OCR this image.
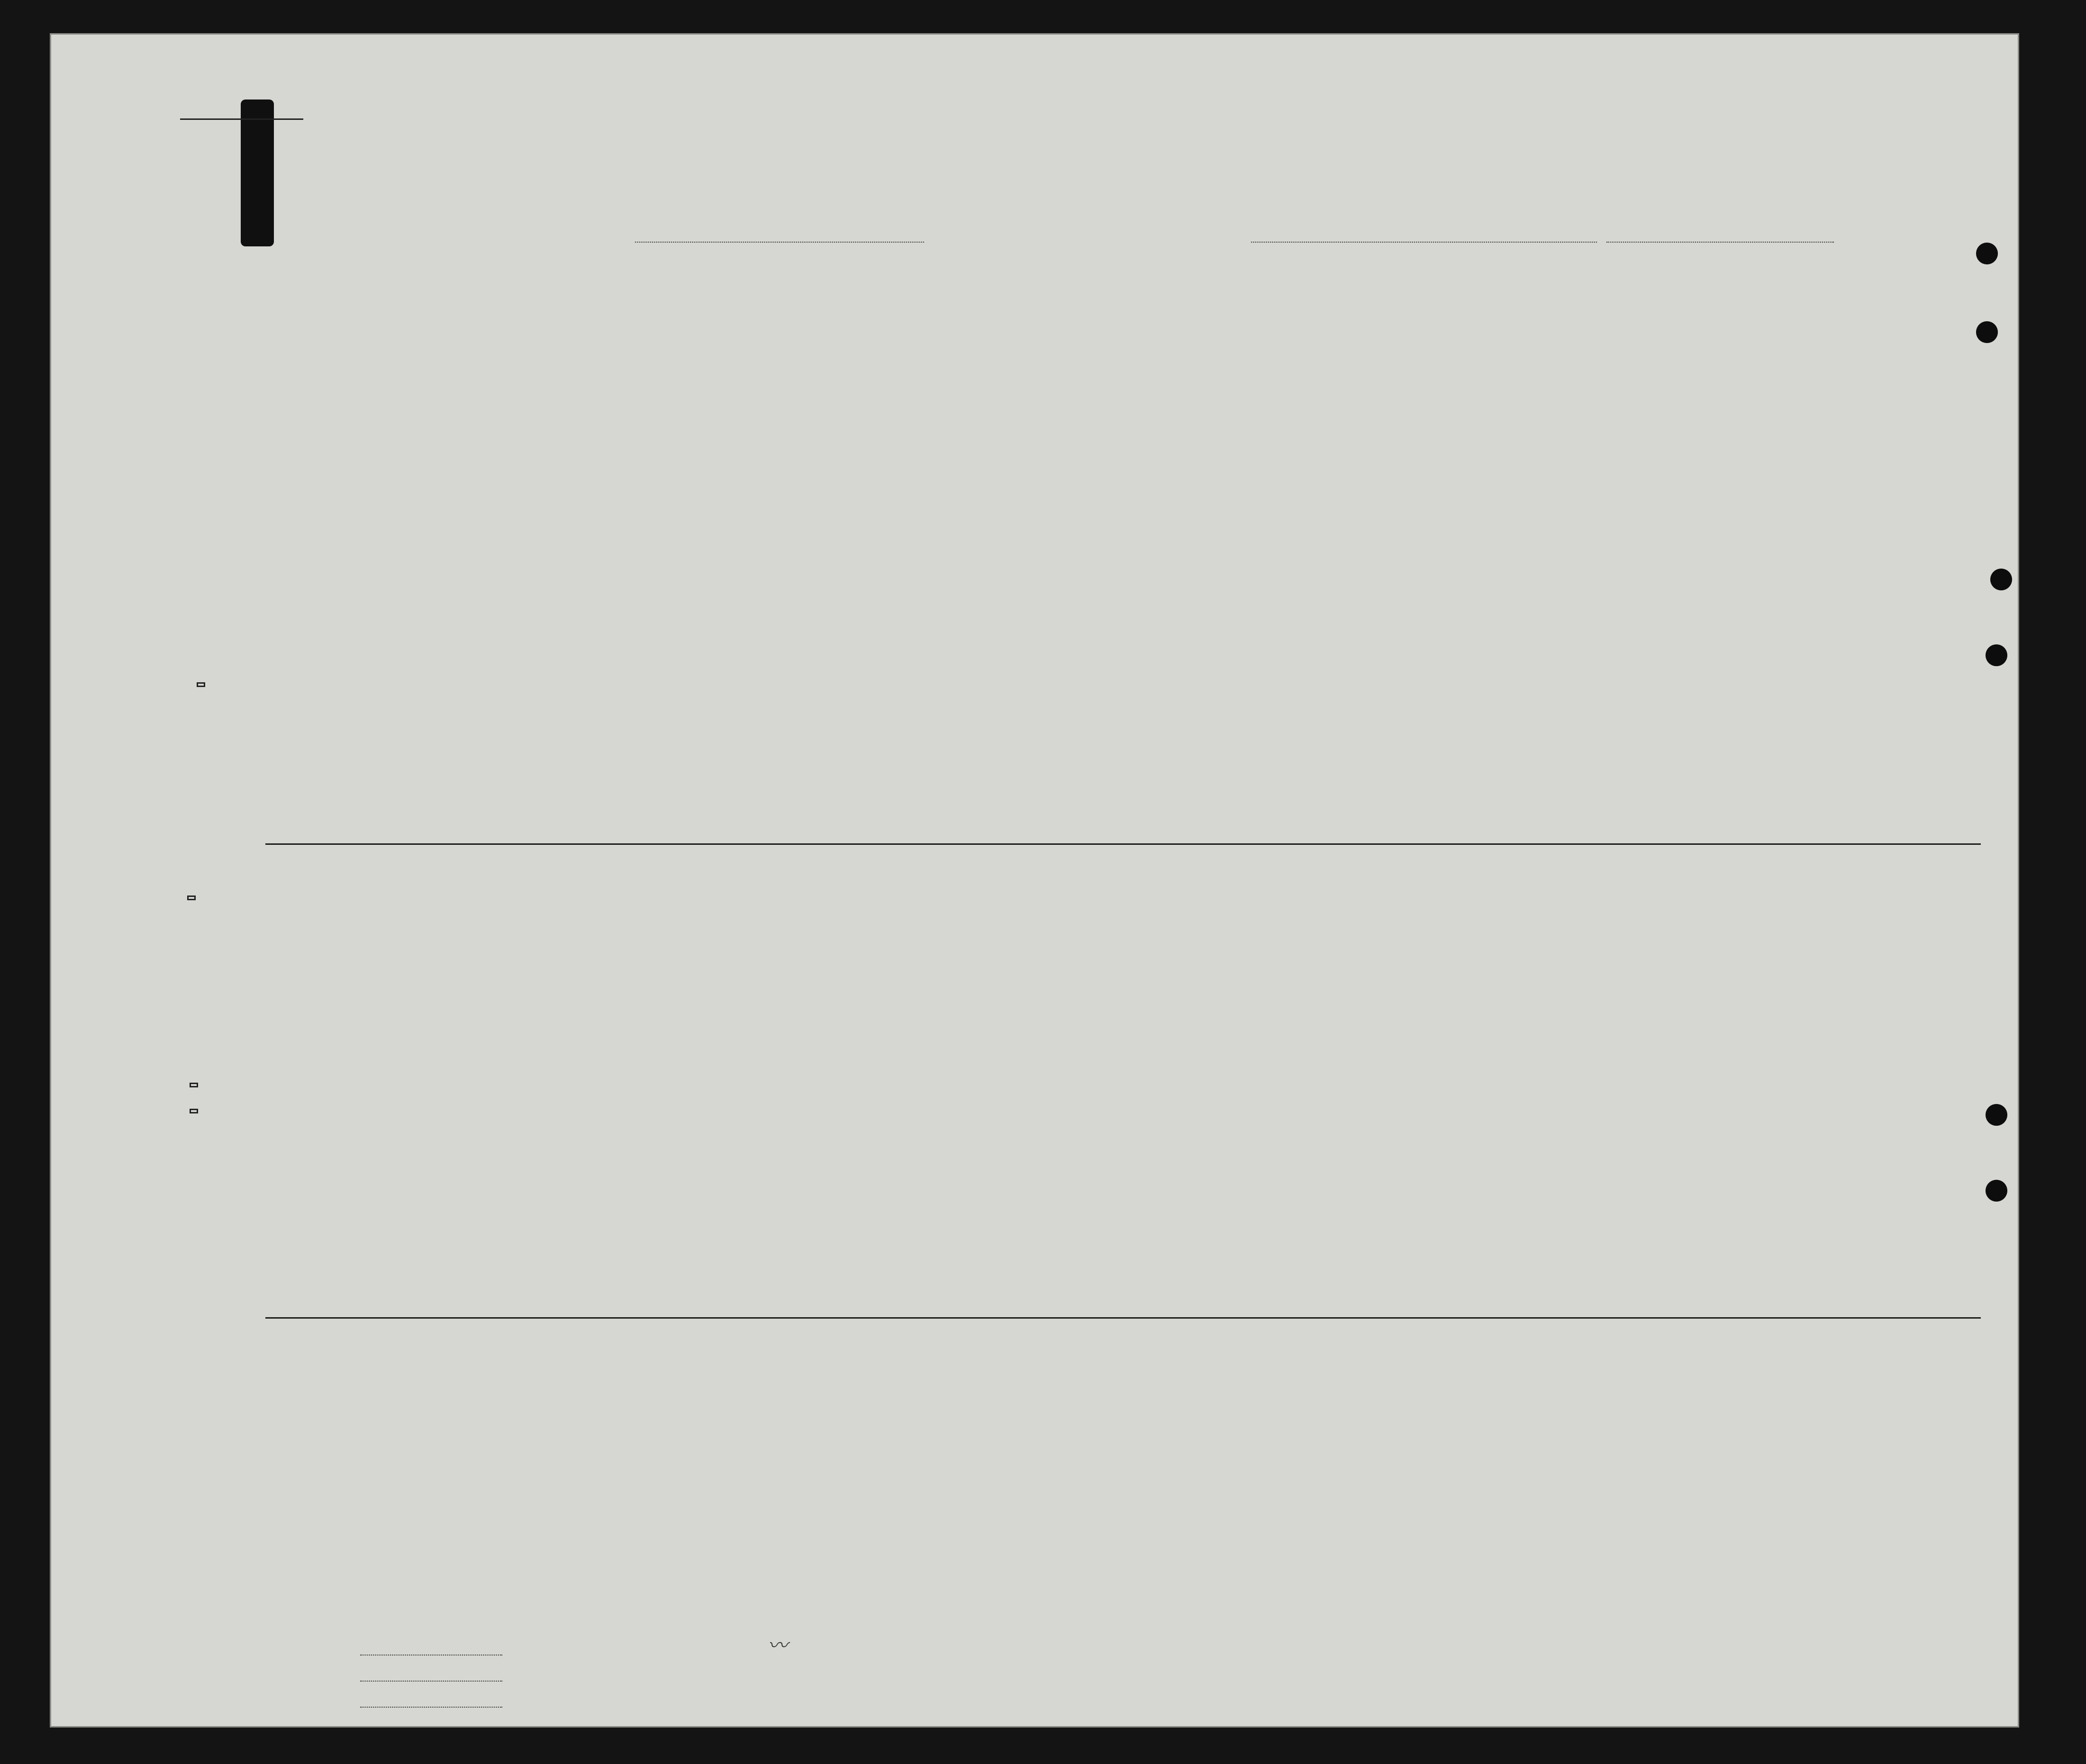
〰
